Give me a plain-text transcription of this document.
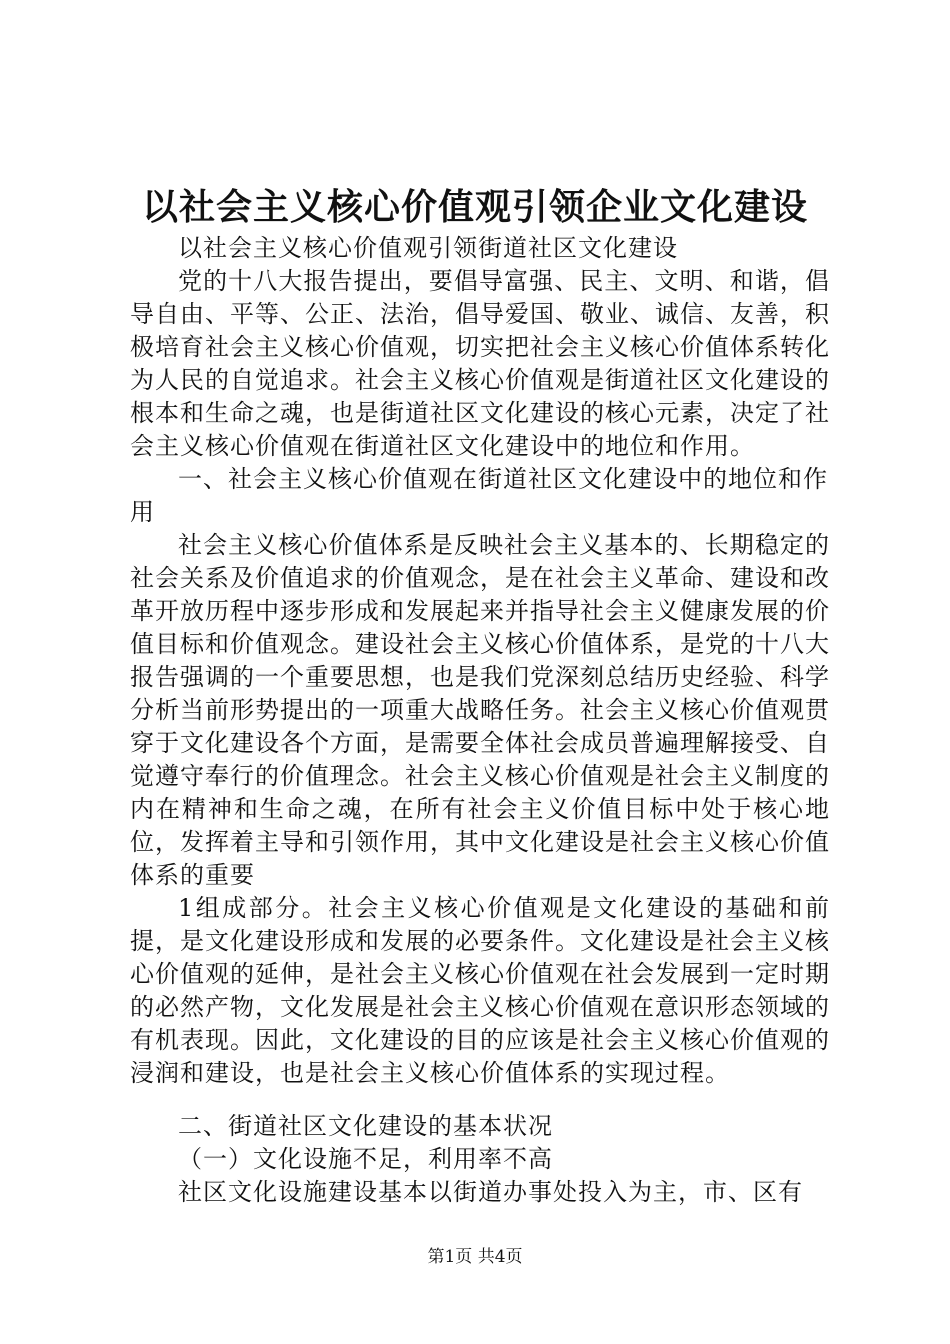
以社会主义核心价值观引领企业文化建设

以社会主义核心价值观引领街道社区文化建设

党的十八大报告提出，要倡导富强、民主、文明、和谐，倡导自由、平等、公正、法治，倡导爱国、敬业、诚信、友善，积极培育社会主义核心价值观，切实把社会主义核心价值体系转化为人民的自觉追求。社会主义核心价值观是街道社区文化建设的根本和生命之魂，也是街道社区文化建设的核心元素，决定了社会主义核心价值观在街道社区文化建设中的地位和作用。

一、社会主义核心价值观在街道社区文化建设中的地位和作用

社会主义核心价值体系是反映社会主义基本的、长期稳定的社会关系及价值追求的价值观念，是在社会主义革命、建设和改革开放历程中逐步形成和发展起来并指导社会主义健康发展的价值目标和价值观念。建设社会主义核心价值体系，是党的十八大报告强调的一个重要思想，也是我们党深刻总结历史经验、科学分析当前形势提出的一项重大战略任务。社会主义核心价值观贯穿于文化建设各个方面，是需要全体社会成员普遍理解接受、自觉遵守奉行的价值理念。社会主义核心价值观是社会主义制度的内在精神和生命之魂，在所有社会主义价值目标中处于核心地位，发挥着主导和引领作用，其中文化建设是社会主义核心价值体系的重要

1组成部分。社会主义核心价值观是文化建设的基础和前提，是文化建设形成和发展的必要条件。文化建设是社会主义核心价值观的延伸，是社会主义核心价值观在社会发展到一定时期的必然产物，文化发展是社会主义核心价值观在意识形态领域的有机表现。因此，文化建设的目的应该是社会主义核心价值观的浸润和建设，也是社会主义核心价值体系的实现过程。

二、街道社区文化建设的基本状况

（一）文化设施不足，利用率不高

社区文化设施建设基本以街道办事处投入为主，市、区有

第1页 共4页
